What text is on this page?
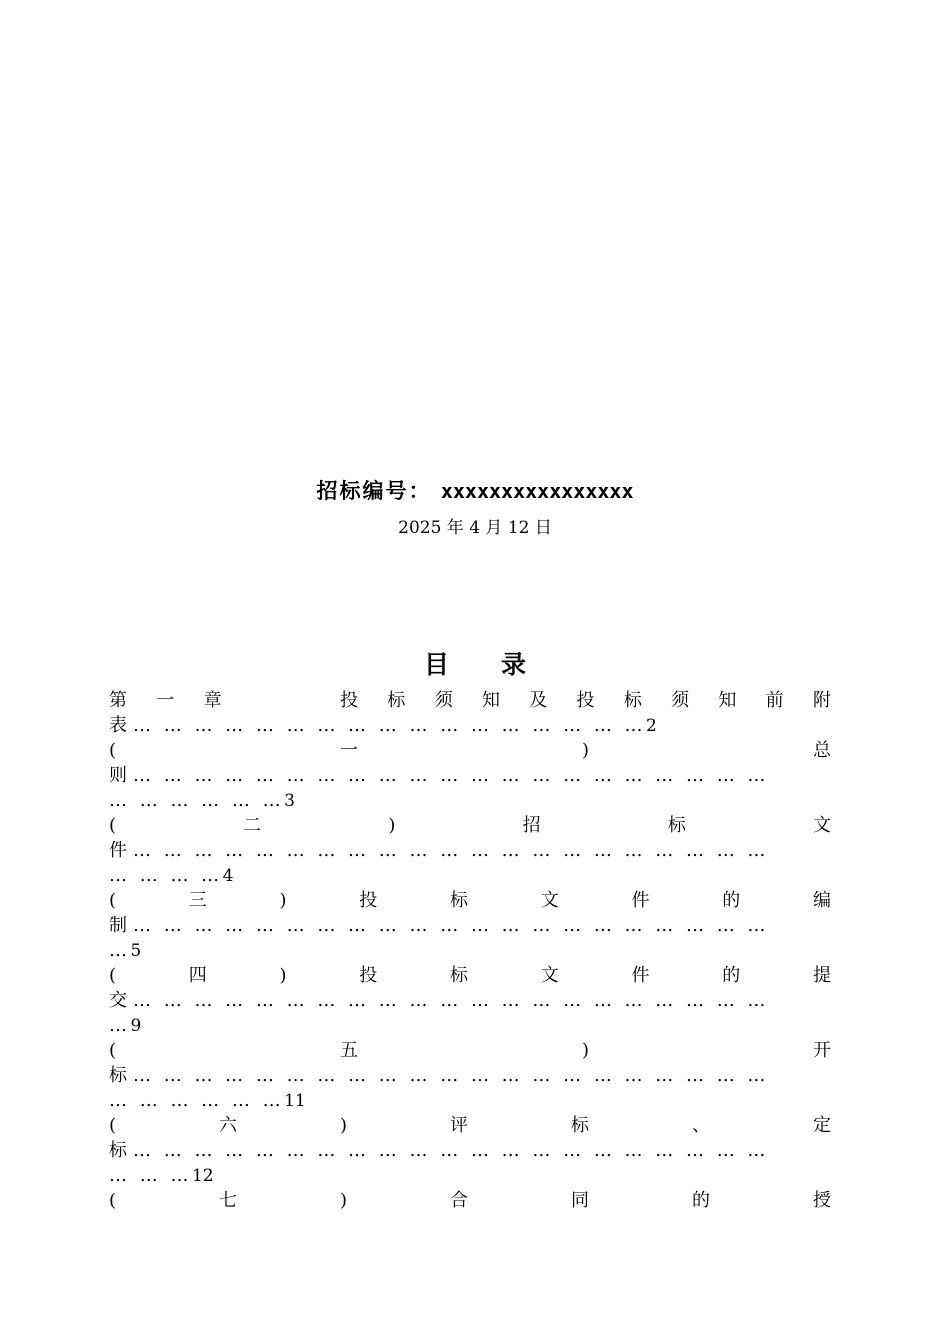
招标编号： xxxxxxxxxxxxxxxx
2025 年 4 月 12 日
目 录
第 一 章	投 标 须 知 及 投 标 须 知 前 附
表 … … … … … … … … … … … … … … … … …2
(	一	)	总
则 … … … … … … … … … … … … … … … … … … … … …
… … … … … …3
(	二	)	招	标	文
件 … … … … … … … … … … … … … … … … … … … … …
… … … …4
(	三	)	投	标	文	件	的	编
制 … … … … … … … … … … … … … … … … … … … … …
…5
(	四	)	投	标	文	件	的	提
交 … … … … … … … … … … … … … … … … … … … … …
…9
(	五	)	开
标 … … … … … … … … … … … … … … … … … … … … …
… … … … … …11
(	六	)	评	标	、	定
标 … … … … … … … … … … … … … … … … … … … … …
… … …12
(	七	)	合	同	的	授
